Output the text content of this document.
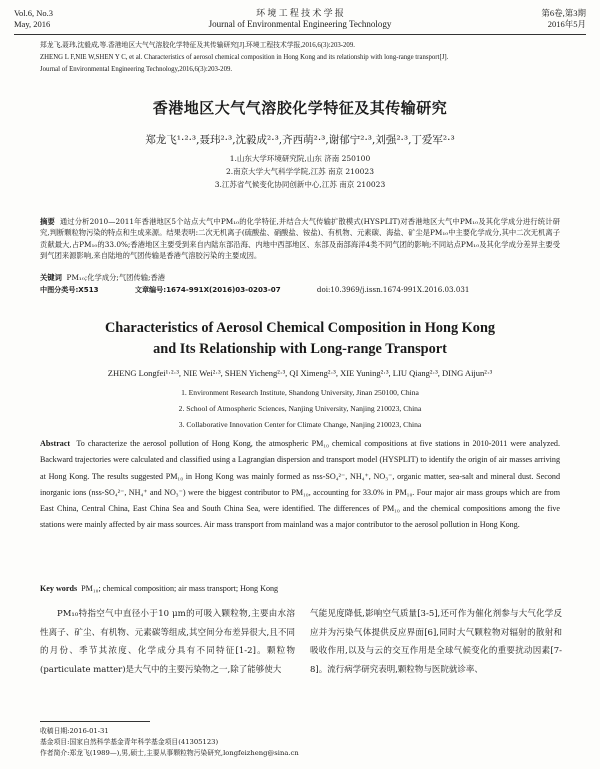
Vol.6, No.3
May, 2016
环 境 工 程 技 术 学 报
Journal of Environmental Engineering Technology
第6卷,第3期
2016年5月
郑龙飞,聂玮,沈毅成,等.香港地区大气气溶胶化学特征及其传输研究[J].环境工程技术学报,2016,6(3):203-209.
ZHENG L F,NIE W,SHEN Y C, et al. Characteristics of aerosol chemical composition in Hong Kong and its relationship with long-range transport[J].
Journal of Environmental Engineering Technology,2016,6(3):203-209.
香港地区大气气溶胶化学特征及其传输研究
郑龙飞¹·²·³,聂玮²·³,沈毅成²·³,齐西萌²·³,谢郁宁²·³,刘强²·³,丁爱军²·³
1.山东大学环境研究院,山东 济南 250100
2.南京大学大气科学学院,江苏 南京 210023
3.江苏省气候变化协同创新中心,江苏 南京 210023
摘要 通过分析2010—2011年香港地区5个站点大气中PM₁₀的化学特征,并结合大气传输扩散模式(HYSPLIT)对香港地区大气中PM₁₀及其化学成分进行统计研究,判断颗粒物污染的特点和生成来源。结果表明:二次无机离子(硫酸盐、硝酸盐、铵盐)、有机物、元素碳、海盐、矿尘是PM₁₀中主要化学成分,其中二次无机离子贡献最大,占PM₁₀的33.0%;香港地区主要受到来自内陆东部沿海、内地中西部地区、东部及南部海洋4类不同气团的影响;不同站点PM₁₀及其化学成分差异主要受到气团来源影响,来自陆地的气团传输是香港气溶胶污染的主要成因。
关键词 PM₁₀;化学成分;气团传输;香港
中图分类号:X513	文章编号:1674-991X(2016)03-0203-07	doi:10.3969/j.issn.1674-991X.2016.03.031
Characteristics of Aerosol Chemical Composition in Hong Kong
and Its Relationship with Long-range Transport
ZHENG Longfei¹·²·³, NIE Wei²·³, SHEN Yicheng²·³, QI Ximeng²·³, XIE Yuning²·³, LIU Qiang²·³, DING Aijun²·³
1. Environment Research Institute, Shandong University, Jinan 250100, China
2. School of Atmospheric Sciences, Nanjing University, Nanjing 210023, China
3. Collaborative Innovation Center for Climate Change, Nanjing 210023, China
Abstract To characterize the aerosol pollution of Hong Kong, the atmospheric PM₁₀ chemical compositions at five stations in 2010-2011 were analyzed. Backward trajectories were calculated and classified using a Lagrangian dispersion and transport model (HYSPLIT) to identify the origin of air masses arriving at Hong Kong. The results suggested PM₁₀ in Hong Kong was mainly formed as nss-SO₄²⁻, NH₄⁺, NO₃⁻, organic matter, sea-salt and mineral dust. Second inorganic ions (nss-SO₄²⁻, NH₄⁺ and NO₃⁻) were the biggest contributor to PM₁₀, accounting for 33.0% in PM₁₀. Four major air mass groups which are from East China, Central China, East China Sea and South China Sea, were identified. The differences of PM₁₀ and the chemical compositions among the five stations were mainly affected by air mass sources. Air mass transport from mainland was a major contributor to the aerosol pollution in Hong Kong.
Key words PM₁₀; chemical composition; air mass transport; Hong Kong
PM₁₀特指空气中直径小于10 μm的可吸入颗粒物,主要由水溶性离子、矿尘、有机物、元素碳等组成,其空间分布差异很大,且不同的月份、季节其浓度、化学成分具有不同特征[1-2]。颗粒物(particulate matter)是大气中的主要污染物之一,除了能够使大
气能见度降低,影响空气质量[3-5],还可作为催化剂参与大气化学反应并为污染气体提供反应界面[6],同时大气颗粒物对辐射的散射和吸收作用,以及与云的交互作用是全球气候变化的重要扰动因素[7-8]。流行病学研究表明,颗粒物与医院就诊率、
收稿日期:2016-01-31
基金项目:国家自然科学基金青年科学基金项目(41305123)
作者简介:郑龙飞(1989—),男,硕士,主要从事颗粒物污染研究,longfeizheng@sina.cn
